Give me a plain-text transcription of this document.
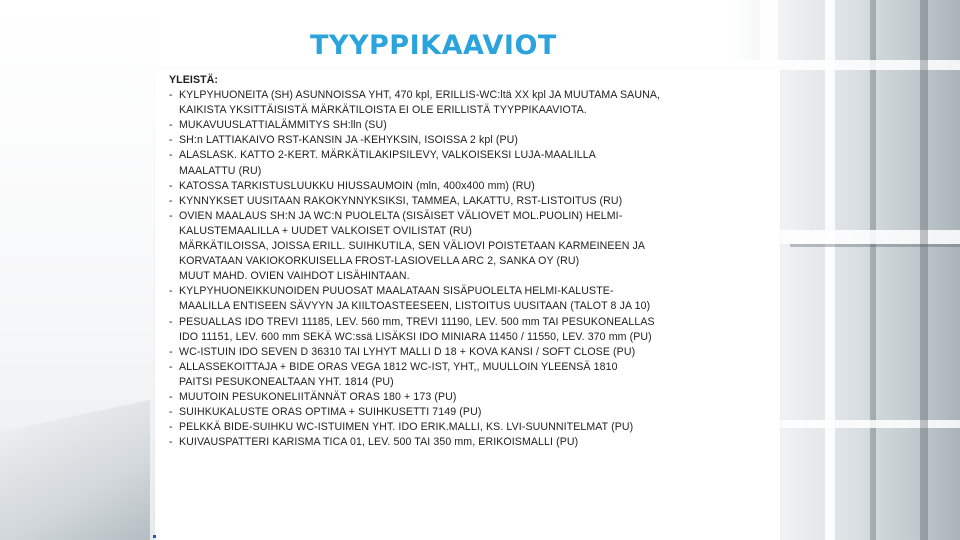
TYYPPIKAAVIOT
YLEISTÄ:
- KYLPYHUONEITA (SH) ASUNNOISSA YHT, 470 kpl, ERILLIS-WC:ltä XX kpl JA MUUTAMA SAUNA,
KAIKISTA YKSITTÄISISTÄ MÄRKÄTILOISTA EI OLE ERILLISTÄ TYYPPIKAAVIOTA.
- MUKAVUUSLATTIALÄMMITYS SH:lln (SU)
- SH:n LATTIAKAIVO RST-KANSIN JA -KEHYKSIN, ISOISSA 2 kpl (PU)
- ALASLASK. KATTO 2-KERT. MÄRKÄTILAKIPSILEVY, VALKOISEKSI LUJA-MAALILLA
MAALATTU (RU)
- KATOSSA TARKISTUSLUUKKU HIUSSAUMOIN (mln, 400x400 mm) (RU)
- KYNNYKSET UUSITAAN RAKOKYNNYKSIKSI, TAMMEA, LAKATTU, RST-LISTOITUS (RU)
- OVIEN MAALAUS SH:N JA WC:N PUOLELTA (SISÄISET VÄLIOVET MOL.PUOLIN) HELMI-
KALUSTEMAALILLA + UUDET VALKOISET OVILISTAT (RU)
MÄRKÄTILOISSA, JOISSA ERILL. SUIHKUTILA, SEN VÄLIOVI POISTETAAN KARMEINEEN JA
KORVATAAN VAKIOKORKUISELLA FROST-LASIOVELLA ARC 2, SANKA OY (RU)
MUUT MAHD. OVIEN VAIHDOT LISÄHINTAAN.
- KYLPYHUONEIKKUNOIDEN PUUOSAT MAALATAAN SISÄPUOLELTA HELMI-KALUSTE-
MAALILLA ENTISEEN SÄVYYN JA KIILTOASTEESEEN, LISTOITUS UUSITAAN (TALOT 8 JA 10)
- PESUALLAS IDO TREVI 11185, LEV. 560 mm, TREVI 11190, LEV. 500 mm TAI PESUKONEALLAS
IDO 11151, LEV. 600 mm SEKÄ WC:ssä LISÄKSI IDO MINIARA 11450 / 11550, LEV. 370 mm (PU)
- WC-ISTUIN IDO SEVEN D 36310 TAI LYHYT MALLI D 18 + KOVA KANSI / SOFT CLOSE (PU)
- ALLASSEKOITTAJA + BIDE ORAS VEGA 1812 WC-IST, YHT,, MUULLOIN YLEENSÄ 1810
PAITSI PESUKONEALTAAN YHT. 1814 (PU)
- MUUTOIN PESUKONELIITÄNNÄT ORAS 180 + 173 (PU)
- SUIHKUKALUSTE ORAS OPTIMA + SUIHKUSETTI 7149 (PU)
- PELKKÄ BIDE-SUIHKU WC-ISTUIMEN YHT. IDO ERIK.MALLI, KS. LVI-SUUNNITELMAT (PU)
- KUIVAUSPATTERI KARISMA TICA 01, LEV. 500 TAI 350 mm, ERIKOISMALLI (PU)
